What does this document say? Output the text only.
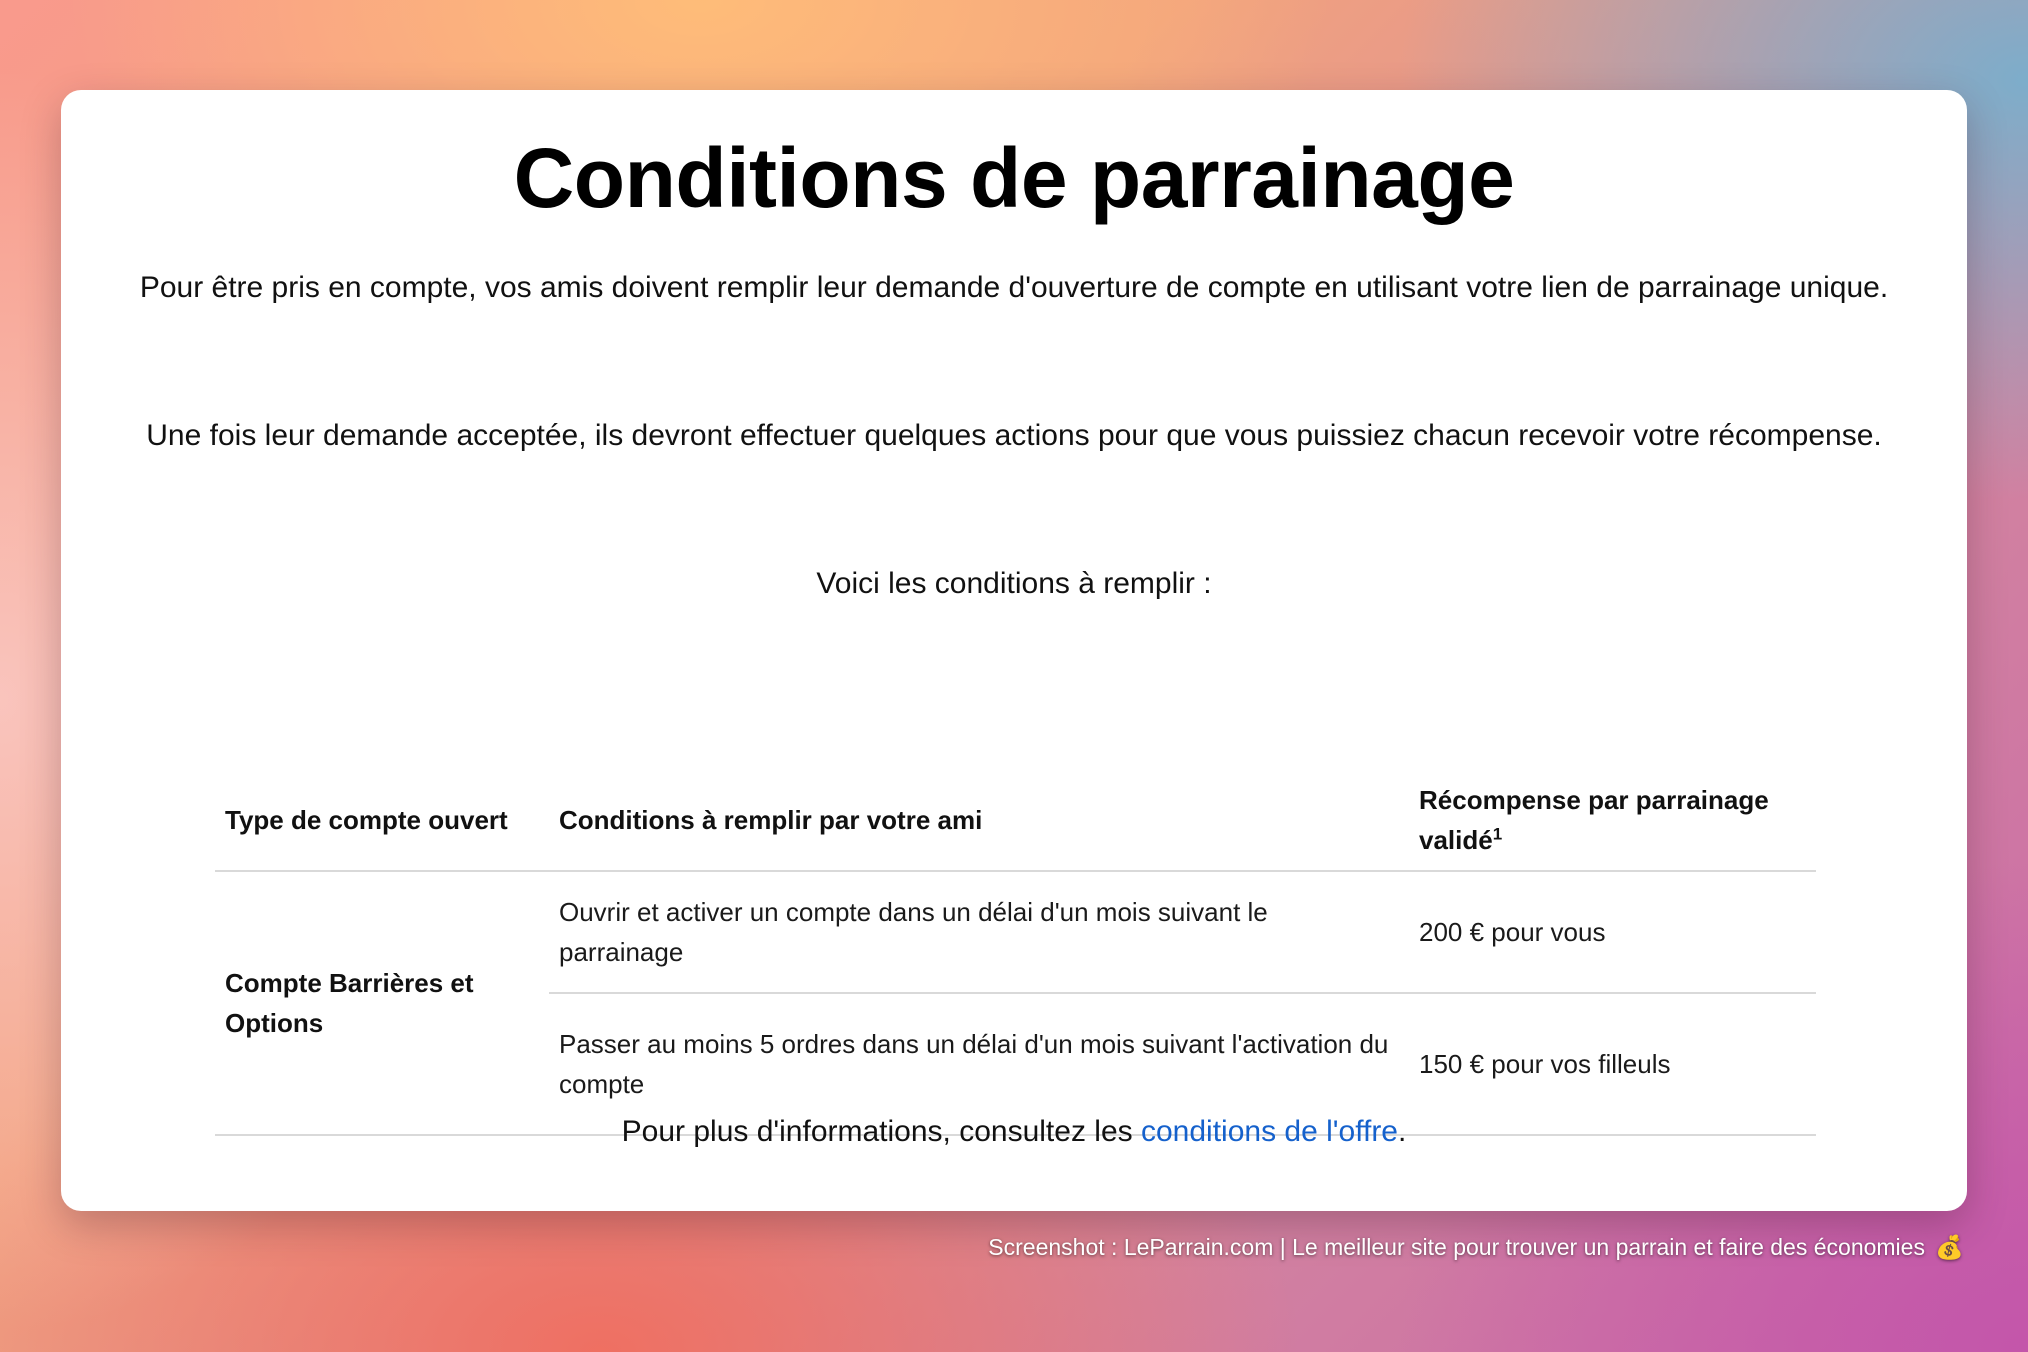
Conditions de parrainage

Pour être pris en compte, vos amis doivent remplir leur demande d'ouverture de compte en utilisant votre lien de parrainage unique.

Une fois leur demande acceptée, ils devront effectuer quelques actions pour que vous puissiez chacun recevoir votre récompense.

Voici les conditions à remplir :

Type de compte ouvert	Conditions à remplir par votre ami	Récompense par parrainage validé$^1$
Compte Barrières et Options	Ouvrir et activer un compte dans un délai d'un mois suivant le parrainage	200 € pour vous
	Passer au moins 5 ordres dans un délai d'un mois suivant l'activation du compte	150 € pour vos filleuls

Pour plus d'informations, consultez les conditions de l'offre.

Screenshot : LeParrain.com | Le meilleur site pour trouver un parrain et faire des économies 💰
